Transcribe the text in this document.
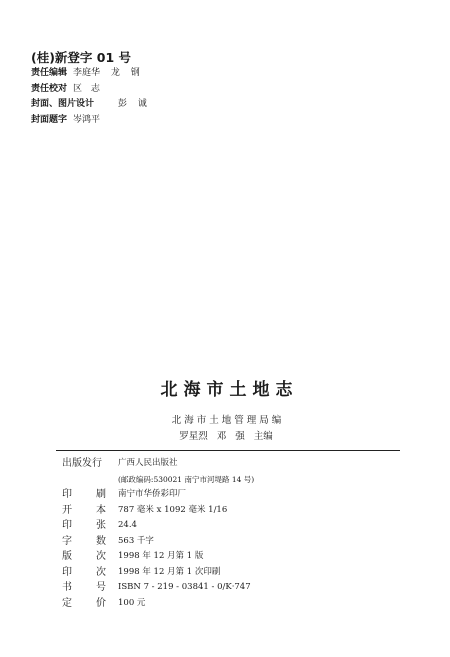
(桂)新登字 01 号
责任编辑 李庭华 龙 钢
责任校对 区 志
封面、图片设计	彭 诚
封面题字 岑鸿平
北海市土地志
北海市土地管理局编
罗星烈 邓 强 主编
出版发行	广西人民出版社
(邮政编码:530021 南宁市河堤路 14 号)
印 刷 南宁市华侨彩印厂
开 本 787 毫米 x 1092 毫米 1/16
印 张 24.4
字 数 563 千字
版 次 1998 年 12 月第 1 版
印 次 1998 年 12 月第 1 次印刷
书 号 ISBN 7 - 219 - 03841 - 0/K·747
定 价 100 元
